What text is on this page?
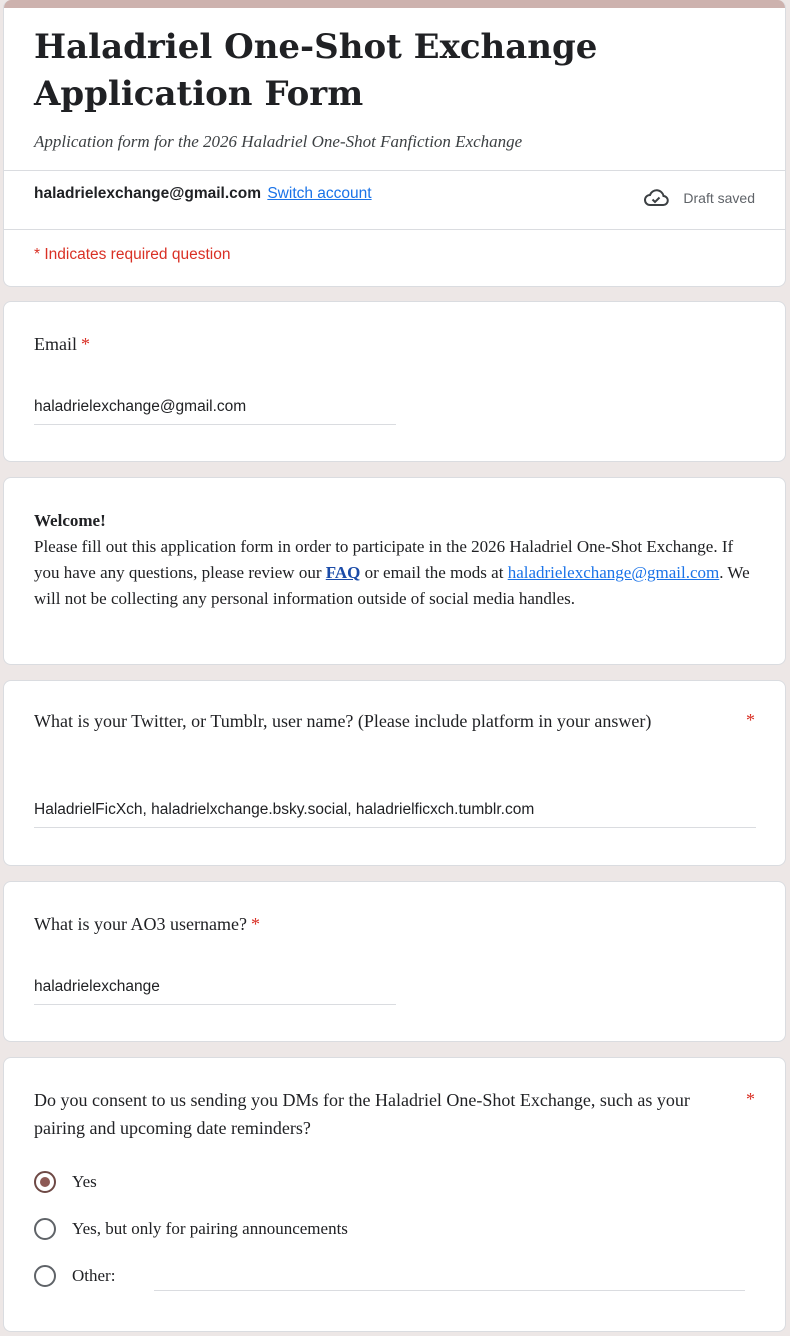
Haladriel One-Shot Exchange Application Form
Application form for the 2026 Haladriel One-Shot Fanfiction Exchange
haladrielexchange@gmail.com Switch account	Draft saved
* Indicates required question
Email *
haladrielexchange@gmail.com
Welcome!
Please fill out this application form in order to participate in the 2026 Haladriel One-Shot Exchange. If you have any questions, please review our FAQ or email the mods at haladrielexchange@gmail.com. We will not be collecting any personal information outside of social media handles.
What is your Twitter, or Tumblr, user name? (Please include platform in your answer)	*
HaladrielFicXch, haladrielxchange.bsky.social, haladrielficxch.tumblr.com
What is your AO3 username? *
haladrielexchange
Do you consent to us sending you DMs for the Haladriel One-Shot Exchange, such as your pairing and upcoming date reminders?
*
Yes
Yes, but only for pairing announcements
Other:
